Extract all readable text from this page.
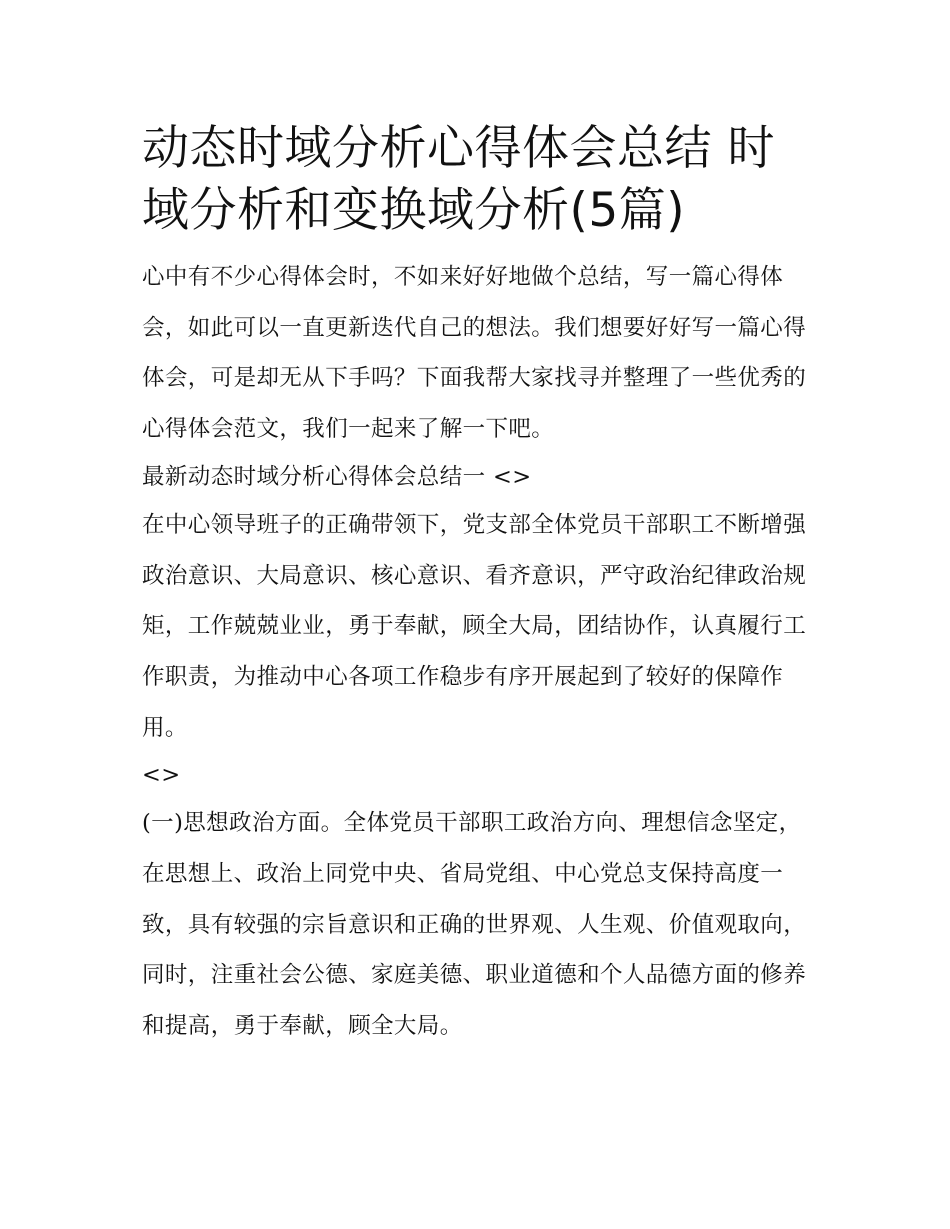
动态时域分析心得体会总结 时域分析和变换域分析(5篇)

心中有不少心得体会时，不如来好好地做个总结，写一篇心得体会，如此可以一直更新迭代自己的想法。我们想要好好写一篇心得体会，可是却无从下手吗？下面我帮大家找寻并整理了一些优秀的心得体会范文，我们一起来了解一下吧。

最新动态时域分析心得体会总结一 <>

在中心领导班子的正确带领下，党支部全体党员干部职工不断增强政治意识、大局意识、核心意识、看齐意识，严守政治纪律政治规矩，工作兢兢业业，勇于奉献，顾全大局，团结协作，认真履行工作职责，为推动中心各项工作稳步有序开展起到了较好的保障作用。

<>

(一)思想政治方面。全体党员干部职工政治方向、理想信念坚定，在思想上、政治上同党中央、省局党组、中心党总支保持高度一致，具有较强的宗旨意识和正确的世界观、人生观、价值观取向，同时，注重社会公德、家庭美德、职业道德和个人品德方面的修养和提高，勇于奉献，顾全大局。
